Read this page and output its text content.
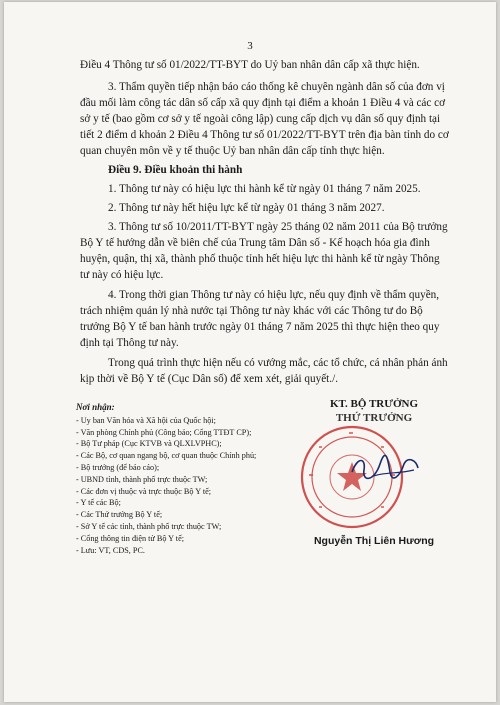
3
Điều 4 Thông tư số 01/2022/TT-BYT do Uỷ ban nhân dân cấp xã thực hiện.
3. Thẩm quyền tiếp nhận báo cáo thống kê chuyên ngành dân số của đơn vị
đầu mối làm công tác dân số cấp xã quy định tại điểm a khoản 1 Điều 4 và các cơ
sở y tế (bao gồm cơ sở y tế ngoài công lập) cung cấp dịch vụ dân số quy định tại
tiết 2 điểm d khoản 2 Điều 4 Thông tư số 01/2022/TT-BYT trên địa bàn tỉnh do cơ
quan chuyên môn về y tế thuộc Uỷ ban nhân dân cấp tỉnh thực hiện.
Điều 9. Điều khoản thi hành
1. Thông tư này có hiệu lực thi hành kể từ ngày 01 tháng 7 năm 2025.
2. Thông tư này hết hiệu lực kể từ ngày 01 tháng 3 năm 2027.
3. Thông tư số 10/2011/TT-BYT ngày 25 tháng 02 năm 2011 của Bộ trưởng
Bộ Y tế hướng dẫn về biên chế của Trung tâm Dân số - Kế hoạch hóa gia đình
huyện, quận, thị xã, thành phố thuộc tỉnh hết hiệu lực thi hành kể từ ngày Thông
tư này có hiệu lực.
4. Trong thời gian Thông tư này có hiệu lực, nếu quy định về thẩm quyền,
trách nhiệm quản lý nhà nước tại Thông tư này khác với các Thông tư do Bộ
trưởng Bộ Y tế ban hành trước ngày 01 tháng 7 năm 2025 thì thực hiện theo quy
định tại Thông tư này.
Trong quá trình thực hiện nếu có vướng mắc, các tổ chức, cá nhân phản ánh
kịp thời về Bộ Y tế (Cục Dân số) để xem xét, giải quyết./.
Nơi nhận:
- Uy ban Văn hóa và Xã hội của Quốc hội;
- Văn phòng Chính phủ (Công báo; Cổng TTĐT CP);
- Bộ Tư pháp (Cục KTVB và QLXLVPHC);
- Các Bộ, cơ quan ngang bộ, cơ quan thuộc Chính phủ;
- Bộ trưởng (để báo cáo);
- UBND tỉnh, thành phố trực thuộc TW;
- Các đơn vị thuộc và trực thuộc Bộ Y tế;
- Y tế các Bộ;
- Các Thứ trưởng Bộ Y tế;
- Sở Y tế các tỉnh, thành phố trực thuộc TW;
- Cổng thông tin điện tử Bộ Y tế;
- Lưu: VT, CDS, PC.
KT. BỘ TRƯỞNG
THỨ TRƯỞNG
Nguyễn Thị Liên Hương
